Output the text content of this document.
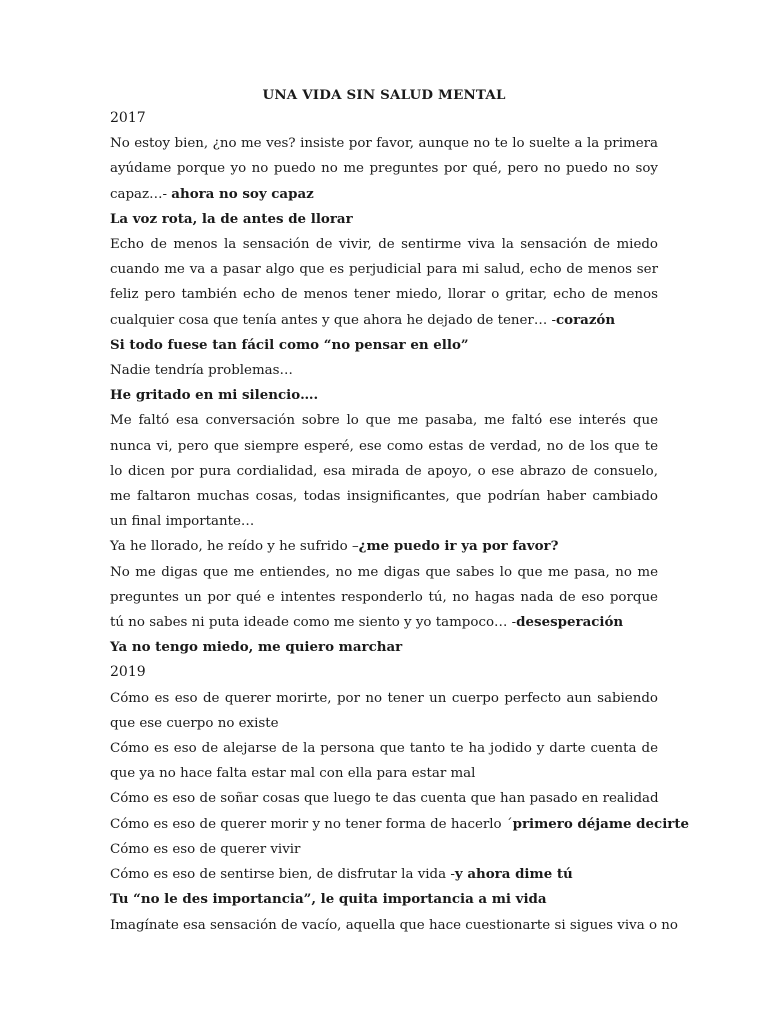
UNA VIDA SIN SALUD MENTAL

2017

No estoy bien, ¿no me ves? insiste por favor, aunque no te lo suelte a la primera ayúdame porque yo no puedo no me preguntes por qué, pero no puedo no soy capaz…- ahora no soy capaz

La voz rota, la de antes de llorar

Echo de menos la sensación de vivir, de sentirme viva la sensación de miedo cuando me va a pasar algo que es perjudicial para mi salud, echo de menos ser feliz pero también echo de menos tener miedo, llorar o gritar, echo de menos cualquier cosa que tenía antes y que ahora he dejado de tener… -corazón

Si todo fuese tan fácil como “no pensar en ello”

Nadie tendría problemas…

He gritado en mi silencio….

Me faltó esa conversación sobre lo que me pasaba, me faltó ese interés que nunca vi, pero que siempre esperé, ese como estas de verdad, no de los que te lo dicen por pura cordialidad, esa mirada de apoyo, o ese abrazo de consuelo, me faltaron muchas cosas, todas insignificantes, que podrían haber cambiado un final importante…

Ya he llorado, he reído y he sufrido –¿me puedo ir ya por favor?

No me digas que me entiendes, no me digas que sabes lo que me pasa, no me preguntes un por qué e intentes responderlo tú, no hagas nada de eso porque tú no sabes ni puta ideade como me siento y yo tampoco… -desesperación

Ya no tengo miedo, me quiero marchar

2019

Cómo es eso de querer morirte, por no tener un cuerpo perfecto aun sabiendo que ese cuerpo no existe

Cómo es eso de alejarse de la persona que tanto te ha jodido y darte cuenta de que ya no hace falta estar mal con ella para estar mal

Cómo es eso de soñar cosas que luego te das cuenta que han pasado en realidad

Cómo es eso de querer morir y no tener forma de hacerlo ´primero déjame decirte

Cómo es eso de querer vivir

Cómo es eso de sentirse bien, de disfrutar la vida -y ahora dime tú

Tu “no le des importancia”, le quita importancia a mi vida

Imagínate esa sensación de vacío, aquella que hace cuestionarte si sigues viva o no
